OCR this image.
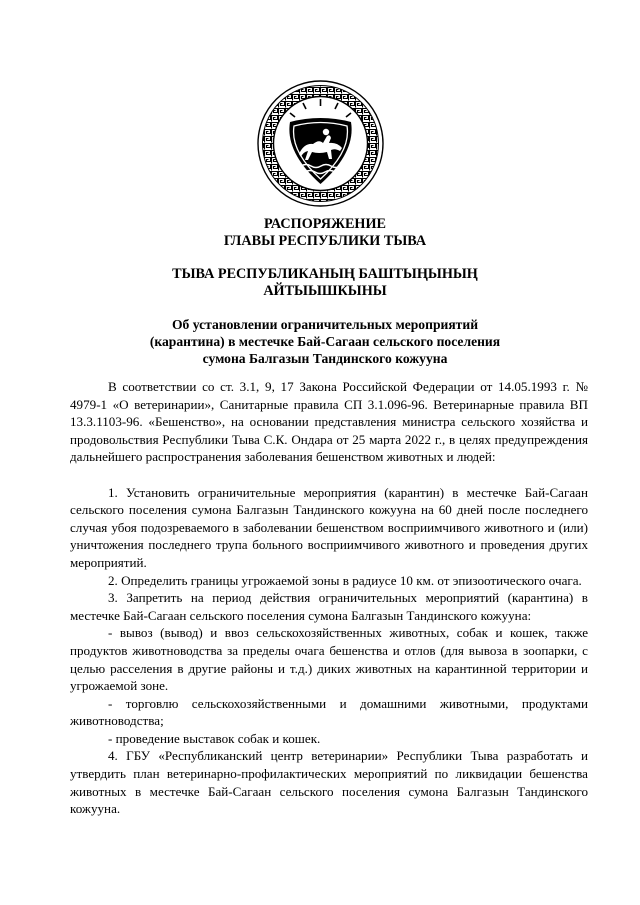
РАСПОРЯЖЕНИЕ

ГЛАВЫ РЕСПУБЛИКИ ТЫВА

ТЫВА РЕСПУБЛИКАНЫҢ БАШТЫҢЫНЫҢ

АЙТЫЫШКЫНЫ

Об установлении ограничительных мероприятий

(карантина) в местечке Бай-Сагаан сельского поселения

сумона Балгазын Тандинского кожууна

В соответствии со ст. 3.1, 9, 17 Закона Российской Федерации от 14.05.1993 г. № 4979-1 «О ветеринарии», Санитарные правила СП 3.1.096-96. Ветеринарные правила ВП 13.3.1103-96. «Бешенство», на основании представления министра сельского хозяйства и продовольствия Республики Тыва С.К. Ондара от 25 марта 2022 г., в целях предупреждения дальнейшего распространения заболевания бешенством животных и людей:

1. Установить ограничительные мероприятия (карантин) в местечке Бай-Сагаан сельского поселения сумона Балгазын Тандинского кожууна на 60 дней после последнего случая убоя подозреваемого в заболевании бешенством восприимчивого животного и (или) уничтожения последнего трупа больного восприимчивого животного и проведения других мероприятий.

2. Определить границы угрожаемой зоны в радиусе 10 км. от эпизоотического очага.

3. Запретить на период действия ограничительных мероприятий (карантина) в местечке Бай-Сагаан сельского поселения сумона Балгазын Тандинского кожууна:

- вывоз (вывод) и ввоз сельскохозяйственных животных, собак и кошек, также продуктов животноводства за пределы очага бешенства и отлов (для вывоза в зоопарки, с целью расселения в другие районы и т.д.) диких животных на карантинной территории и угрожаемой зоне.

- торговлю сельскохозяйственными и домашними животными, продуктами животноводства;

- проведение выставок собак и кошек.

4. ГБУ «Республиканский центр ветеринарии» Республики Тыва разработать и утвердить план ветеринарно-профилактических мероприятий по ликвидации бешенства животных в местечке Бай-Сагаан сельского поселения сумона Балгазын Тандинского кожууна.
